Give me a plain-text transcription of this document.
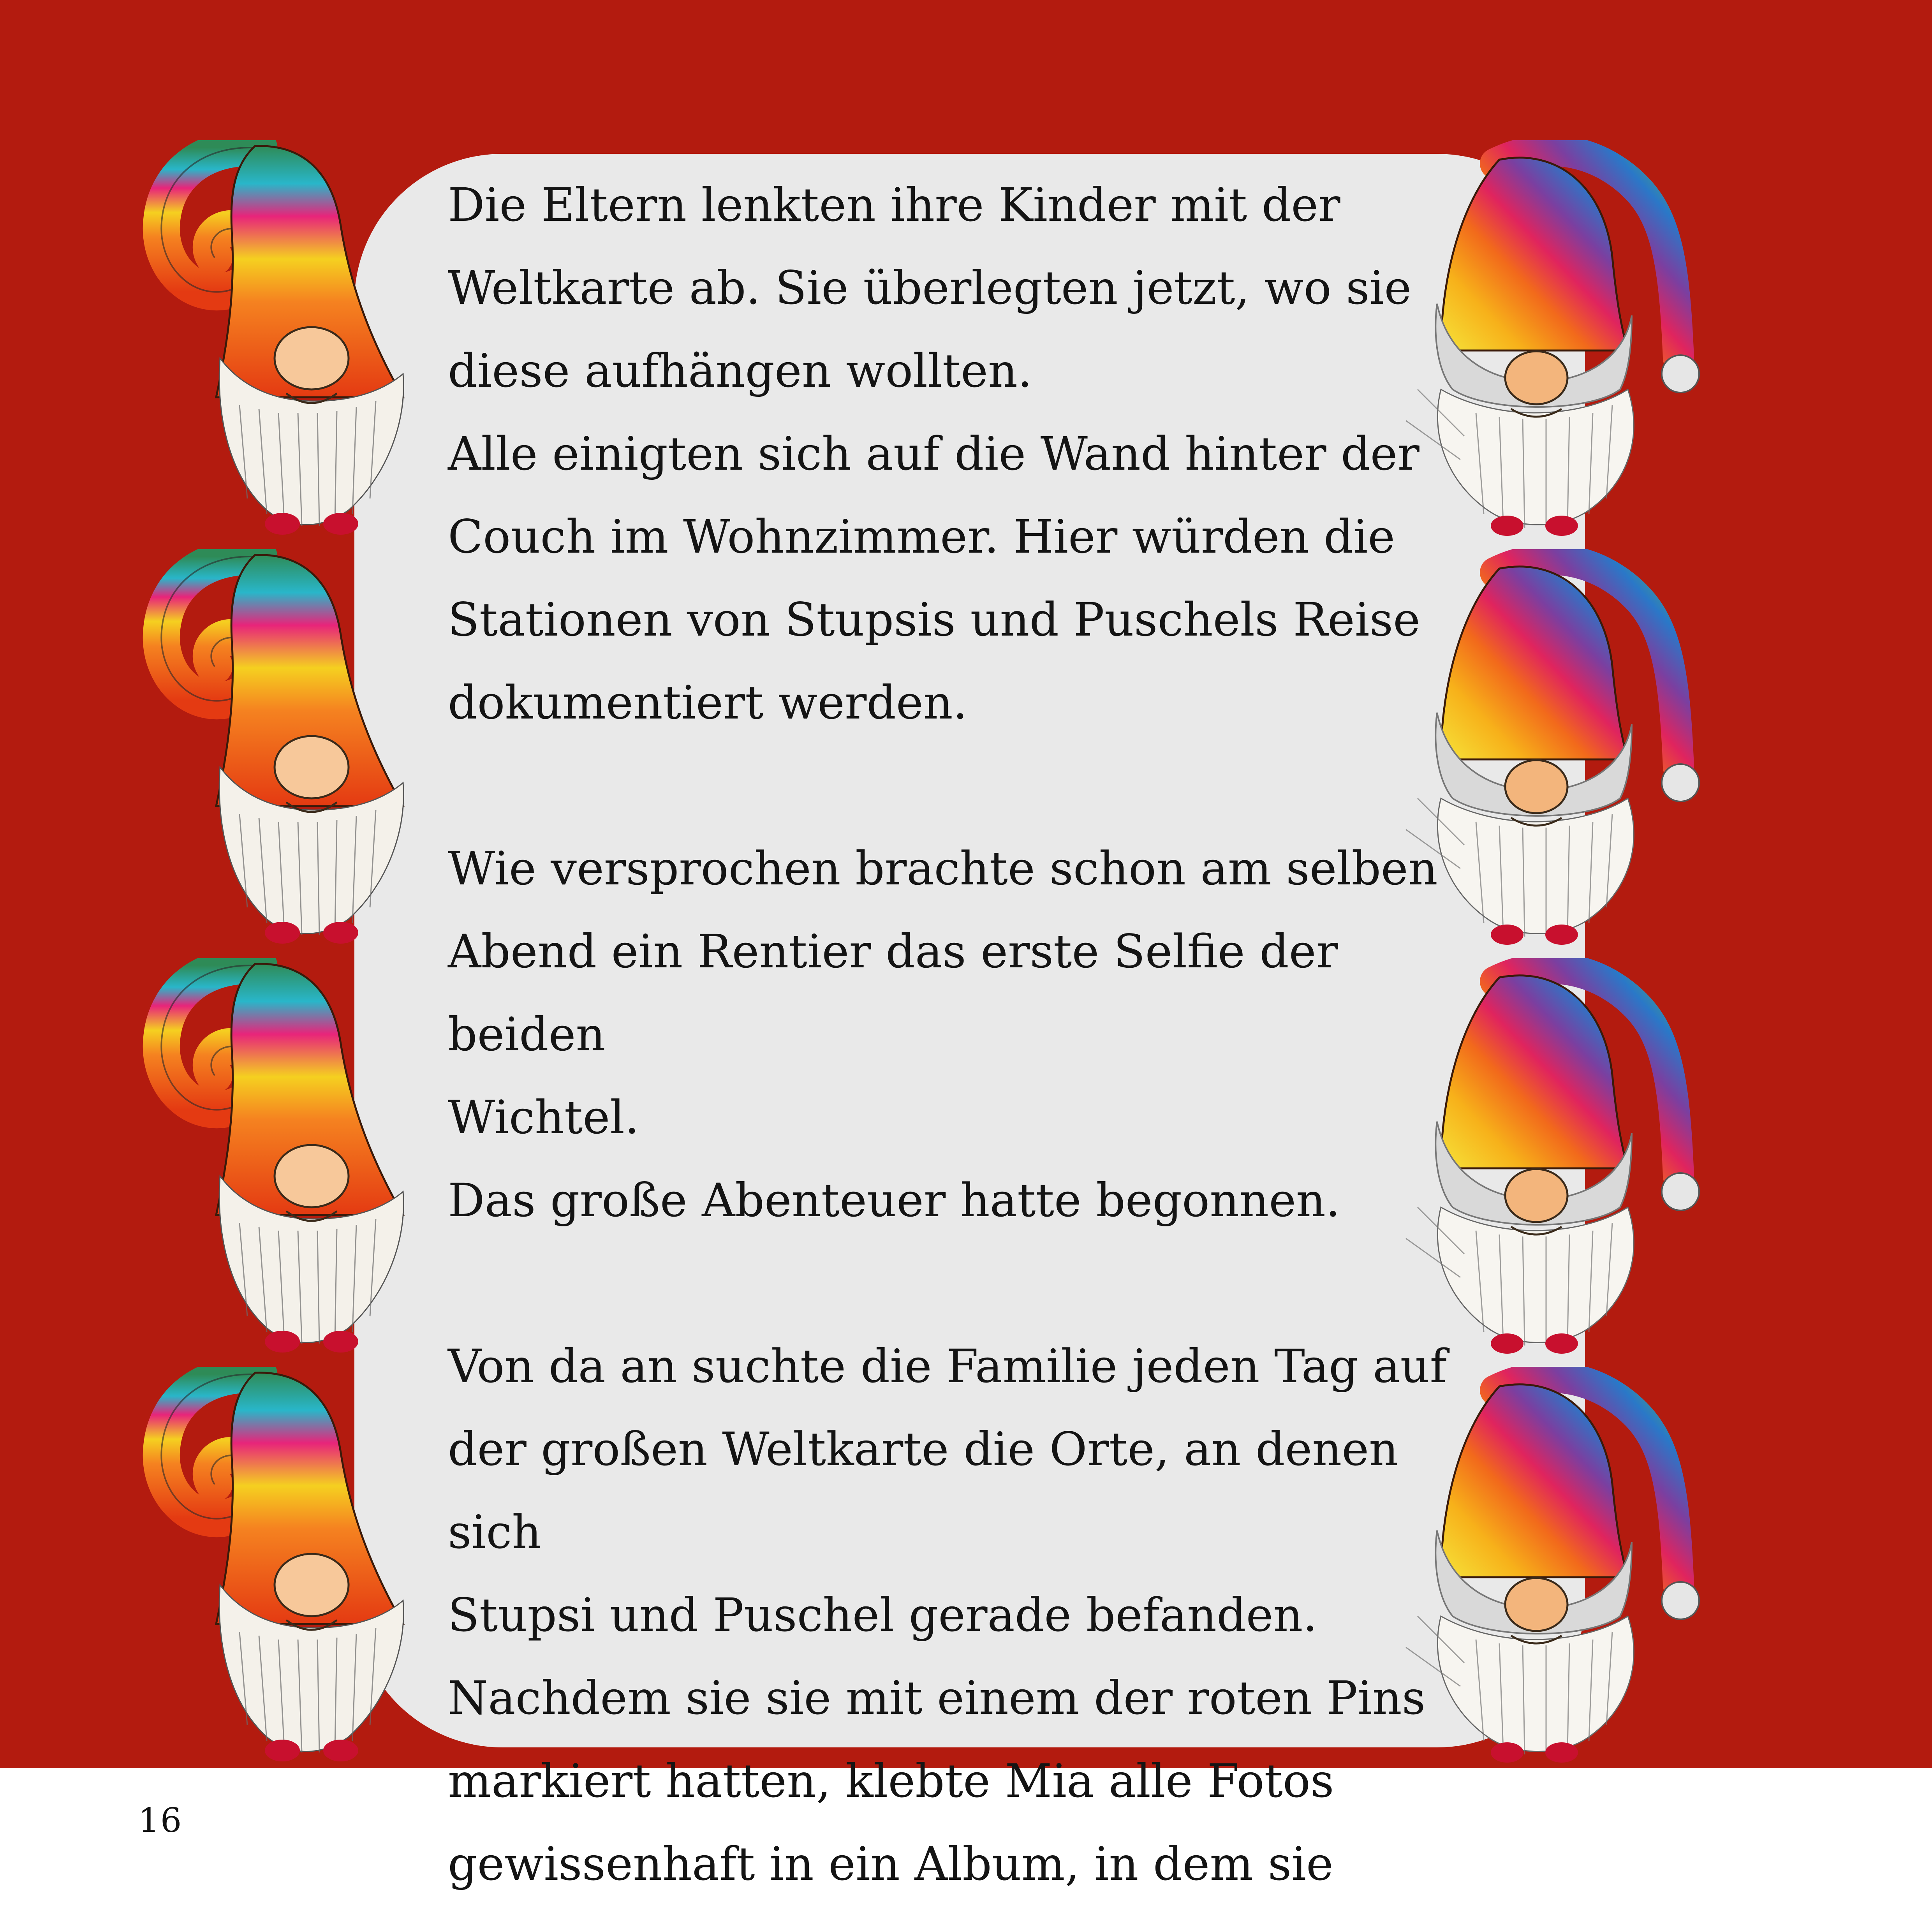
Die Eltern lenkten ihre Kinder mit der

Weltkarte ab. Sie überlegten jetzt, wo sie

diese aufhängen wollten.

Alle einigten sich auf die Wand hinter der

Couch im Wohnzimmer. Hier würden die

Stationen von Stupsis und Puschels Reise

dokumentiert werden.

Wie versprochen brachte schon am selben

Abend ein Rentier das erste Selfie der beiden

Wichtel.

Das große Abenteuer hatte begonnen.

Von da an suchte die Familie jeden Tag auf

der großen Weltkarte die Orte, an denen sich

Stupsi und Puschel gerade befanden.

Nachdem sie sie mit einem der roten Pins

markiert hatten, klebte Mia alle Fotos

gewissenhaft in ein Album, in dem sie

16
